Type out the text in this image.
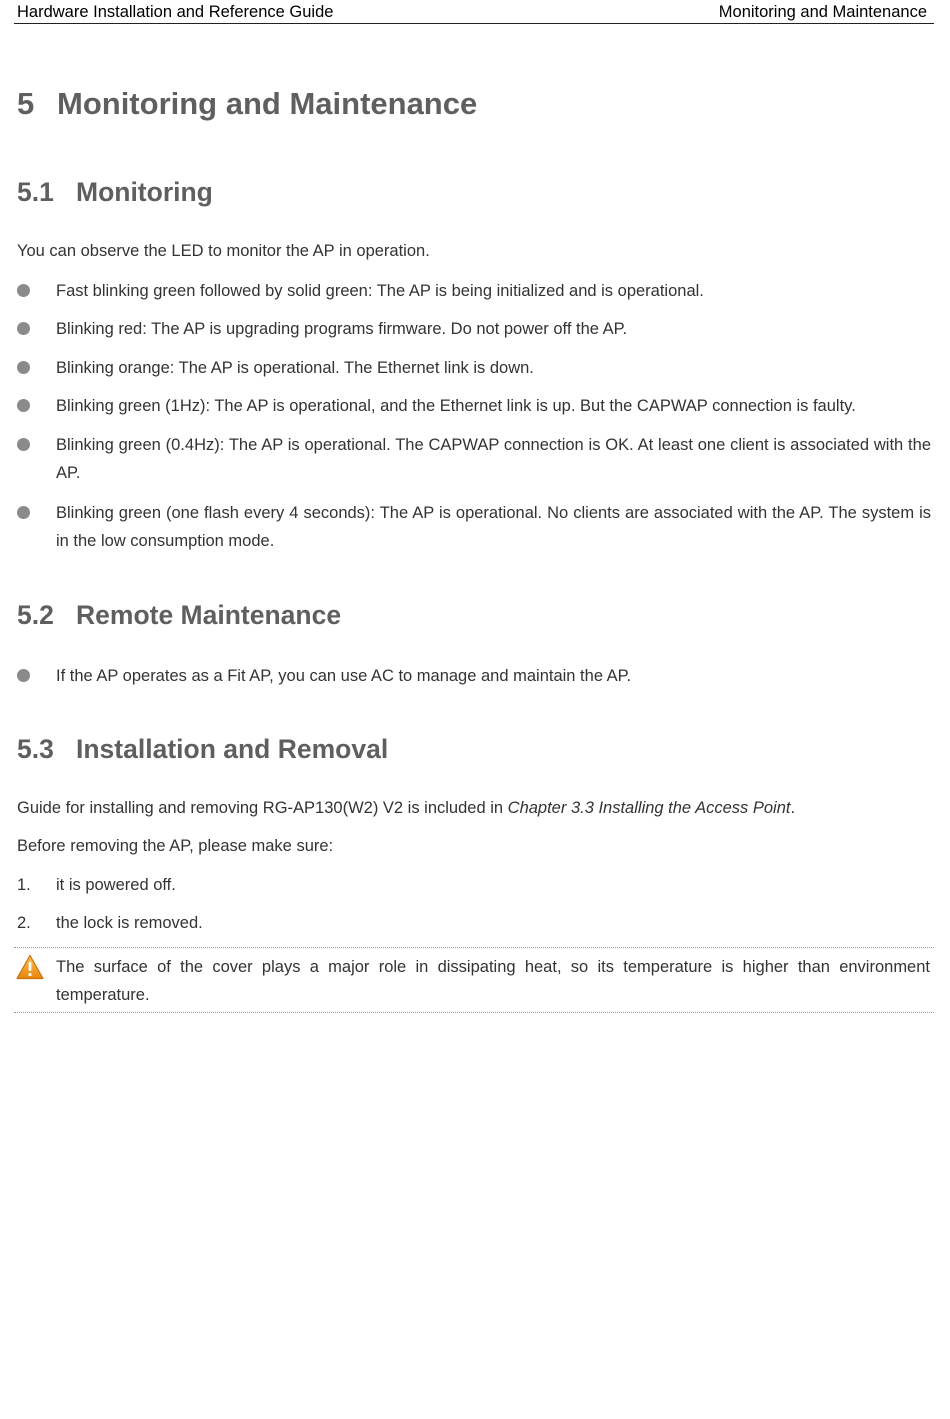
Hardware Installation and Reference Guide	Monitoring and Maintenance
5 Monitoring and Maintenance
5.1 Monitoring
You can observe the LED to monitor the AP in operation.
Fast blinking green followed by solid green: The AP is being initialized and is operational.
Blinking red: The AP is upgrading programs firmware. Do not power off the AP.
Blinking orange: The AP is operational. The Ethernet link is down.
Blinking green (1Hz): The AP is operational, and the Ethernet link is up. But the CAPWAP connection is faulty.
Blinking green (0.4Hz): The AP is operational. The CAPWAP connection is OK. At least one client is associated with the AP.
Blinking green (one flash every 4 seconds): The AP is operational. No clients are associated with the AP. The system is in the low consumption mode.
5.2 Remote Maintenance
If the AP operates as a Fit AP, you can use AC to manage and maintain the AP.
5.3 Installation and Removal
Guide for installing and removing RG-AP130(W2) V2 is included in Chapter 3.3 Installing the Access Point.
Before removing the AP, please make sure:
1. it is powered off.
2. the lock is removed.
The surface of the cover plays a major role in dissipating heat, so its temperature is higher than environment temperature.
